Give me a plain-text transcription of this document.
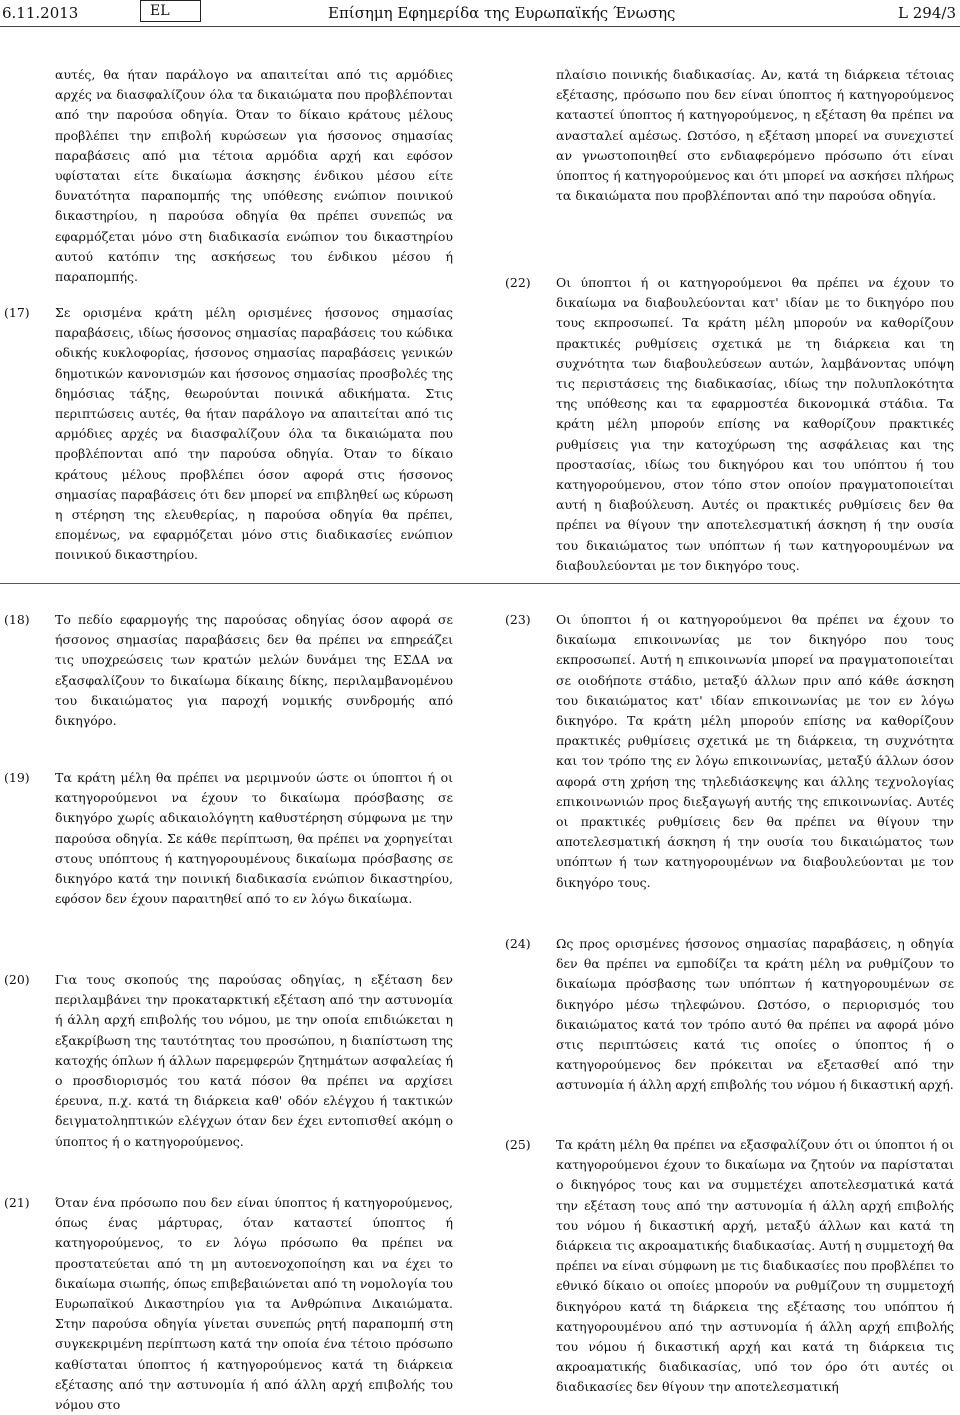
6.11.2013	EL	Επίσημη Εφημερίδα της Ευρωπαϊκής Ένωσης	L 294/3

αυτές, θα ήταν παράλογο να απαιτείται από τις αρμόδιες αρχές να διασφαλίζουν όλα τα δικαιώματα που προβλέπονται από την παρούσα οδηγία. Όταν το δίκαιο κράτους μέλους προβλέπει την επιβολή κυρώσεων για ήσσονος σημασίας παραβάσεις από μια τέτοια αρμόδια αρχή και εφόσον υφίσταται είτε δικαίωμα άσκησης ένδικου μέσου είτε δυνατότητα παραπομπής της υπόθεσης ενώπιον ποινικού δικαστηρίου, η παρούσα οδηγία θα πρέπει συνεπώς να εφαρμόζεται μόνο στη διαδικασία ενώπιον του δικαστηρίου αυτού κατόπιν της ασκήσεως του ένδικου μέσου ή παραπομπής.

(17)	Σε ορισμένα κράτη μέλη ορισμένες ήσσονος σημασίας παραβάσεις, ιδίως ήσσονος σημασίας παραβάσεις του κώδικα οδικής κυκλοφορίας, ήσσονος σημασίας παραβάσεις γενικών δημοτικών κανονισμών και ήσσονος σημασίας προσβολές της δημόσιας τάξης, θεωρούνται ποινικά αδικήματα. Στις περιπτώσεις αυτές, θα ήταν παράλογο να απαιτείται από τις αρμόδιες αρχές να διασφαλίζουν όλα τα δικαιώματα που προβλέπονται από την παρούσα οδηγία. Όταν το δίκαιο κράτους μέλους προβλέπει όσον αφορά στις ήσσονος σημασίας παραβάσεις ότι δεν μπορεί να επιβληθεί ως κύρωση η στέρηση της ελευθερίας, η παρούσα οδηγία θα πρέπει, επομένως, να εφαρμόζεται μόνο στις διαδικασίες ενώπιον ποινικού δικαστηρίου.

πλαίσιο ποινικής διαδικασίας. Αν, κατά τη διάρκεια τέτοιας εξέτασης, πρόσωπο που δεν είναι ύποπτος ή κατηγορούμενος καταστεί ύποπτος ή κατηγορούμενος, η εξέταση θα πρέπει να ανασταλεί αμέσως. Ωστόσο, η εξέταση μπορεί να συνεχιστεί αν γνωστοποιηθεί στο ενδιαφερόμενο πρόσωπο ότι είναι ύποπτος ή κατηγορούμενος και ότι μπορεί να ασκήσει πλήρως τα δικαιώματα που προβλέπονται από την παρούσα οδηγία.

(22)	Οι ύποπτοι ή οι κατηγορούμενοι θα πρέπει να έχουν το δικαίωμα να διαβουλεύονται κατ' ιδίαν με το δικηγόρο που τους εκπροσωπεί. Τα κράτη μέλη μπορούν να καθορίζουν πρακτικές ρυθμίσεις σχετικά με τη διάρκεια και τη συχνότητα των διαβουλεύσεων αυτών, λαμβάνοντας υπόψη τις περιστάσεις της διαδικασίας, ιδίως την πολυπλοκότητα της υπόθεσης και τα εφαρμοστέα δικονομικά στάδια. Τα κράτη μέλη μπορούν επίσης να καθορίζουν πρακτικές ρυθμίσεις για την κατοχύρωση της ασφάλειας και της προστασίας, ιδίως του δικηγόρου και του υπόπτου ή του κατηγορούμενου, στον τόπο στον οποίον πραγματοποιείται αυτή η διαβούλευση. Αυτές οι πρακτικές ρυθμίσεις δεν θα πρέπει να θίγουν την αποτελεσματική άσκηση ή την ουσία του δικαιώματος των υπόπτων ή των κατηγορουμένων να διαβουλεύονται με τον δικηγόρο τους.

(18)	Το πεδίο εφαρμογής της παρούσας οδηγίας όσον αφορά σε ήσσονος σημασίας παραβάσεις δεν θα πρέπει να επηρεάζει τις υποχρεώσεις των κρατών μελών δυνάμει της ΕΣΔΑ να εξασφαλίζουν το δικαίωμα δίκαιης δίκης, περιλαμβανομένου του δικαιώματος για παροχή νομικής συνδρομής από δικηγόρο.

(19)	Τα κράτη μέλη θα πρέπει να μεριμνούν ώστε οι ύποπτοι ή οι κατηγορούμενοι να έχουν το δικαίωμα πρόσβασης σε δικηγόρο χωρίς αδικαιολόγητη καθυστέρηση σύμφωνα με την παρούσα οδηγία. Σε κάθε περίπτωση, θα πρέπει να χορηγείται στους υπόπτους ή κατηγορουμένους δικαίωμα πρόσβασης σε δικηγόρο κατά την ποινική διαδικασία ενώπιον δικαστηρίου, εφόσον δεν έχουν παραιτηθεί από το εν λόγω δικαίωμα.

(20)	Για τους σκοπούς της παρούσας οδηγίας, η εξέταση δεν περιλαμβάνει την προκαταρκτική εξέταση από την αστυνομία ή άλλη αρχή επιβολής του νόμου, με την οποία επιδιώκεται η εξακρίβωση της ταυτότητας του προσώπου, η διαπίστωση της κατοχής όπλων ή άλλων παρεμφερών ζητημάτων ασφαλείας ή ο προσδιορισμός του κατά πόσον θα πρέπει να αρχίσει έρευνα, π.χ. κατά τη διάρκεια καθ' οδόν ελέγχου ή τακτικών δειγματοληπτικών ελέγχων όταν δεν έχει εντοπισθεί ακόμη ο ύποπτος ή ο κατηγορούμενος.

(21)	Όταν ένα πρόσωπο που δεν είναι ύποπτος ή κατηγορούμενος, όπως ένας μάρτυρας, όταν καταστεί ύποπτος ή κατηγορούμενος, το εν λόγω πρόσωπο θα πρέπει να προστατεύεται από τη μη αυτοενοχοποίηση και να έχει το δικαίωμα σιωπής, όπως επιβεβαιώνεται από τη νομολογία του Ευρωπαϊκού Δικαστηρίου για τα Ανθρώπινα Δικαιώματα. Στην παρούσα οδηγία γίνεται συνεπώς ρητή παραπομπή στη συγκεκριμένη περίπτωση κατά την οποία ένα τέτοιο πρόσωπο καθίσταται ύποπτος ή κατηγορούμενος κατά τη διάρκεια εξέτασης από την αστυνομία ή από άλλη αρχή επιβολής του νόμου στο

(23)	Οι ύποπτοι ή οι κατηγορούμενοι θα πρέπει να έχουν το δικαίωμα επικοινωνίας με τον δικηγόρο που τους εκπροσωπεί. Αυτή η επικοινωνία μπορεί να πραγματοποιείται σε οιοδήποτε στάδιο, μεταξύ άλλων πριν από κάθε άσκηση του δικαιώματος κατ' ιδίαν επικοινωνίας με τον εν λόγω δικηγόρο. Τα κράτη μέλη μπορούν επίσης να καθορίζουν πρακτικές ρυθμίσεις σχετικά με τη διάρκεια, τη συχνότητα και τον τρόπο της εν λόγω επικοινωνίας, μεταξύ άλλων όσον αφορά στη χρήση της τηλεδιάσκεψης και άλλης τεχνολογίας επικοινωνιών προς διεξαγωγή αυτής της επικοινωνίας. Αυτές οι πρακτικές ρυθμίσεις δεν θα πρέπει να θίγουν την αποτελεσματική άσκηση ή την ουσία του δικαιώματος των υπόπτων ή των κατηγορουμένων να διαβουλεύονται με τον δικηγόρο τους.

(24)	Ως προς ορισμένες ήσσονος σημασίας παραβάσεις, η οδηγία δεν θα πρέπει να εμποδίζει τα κράτη μέλη να ρυθμίζουν το δικαίωμα πρόσβασης των υπόπτων ή κατηγορουμένων σε δικηγόρο μέσω τηλεφώνου. Ωστόσο, ο περιορισμός του δικαιώματος κατά τον τρόπο αυτό θα πρέπει να αφορά μόνο στις περιπτώσεις κατά τις οποίες ο ύποπτος ή ο κατηγορούμενος δεν πρόκειται να εξετασθεί από την αστυνομία ή άλλη αρχή επιβολής του νόμου ή δικαστική αρχή.

(25)	Τα κράτη μέλη θα πρέπει να εξασφαλίζουν ότι οι ύποπτοι ή οι κατηγορούμενοι έχουν το δικαίωμα να ζητούν να παρίσταται ο δικηγόρος τους και να συμμετέχει αποτελεσματικά κατά την εξέταση τους από την αστυνομία ή άλλη αρχή επιβολής του νόμου ή δικαστική αρχή, μεταξύ άλλων και κατά τη διάρκεια τις ακροαματικής διαδικασίας. Αυτή η συμμετοχή θα πρέπει να είναι σύμφωνη με τις διαδικασίες που προβλέπει το εθνικό δίκαιο οι οποίες μπορούν να ρυθμίζουν τη συμμετοχή δικηγόρου κατά τη διάρκεια της εξέτασης του υπόπτου ή κατηγορουμένου από την αστυνομία ή άλλη αρχή επιβολής του νόμου ή δικαστική αρχή και κατά τη διάρκεια τις ακροαματικής διαδικασίας, υπό τον όρο ότι αυτές οι διαδικασίες δεν θίγουν την αποτελεσματική
